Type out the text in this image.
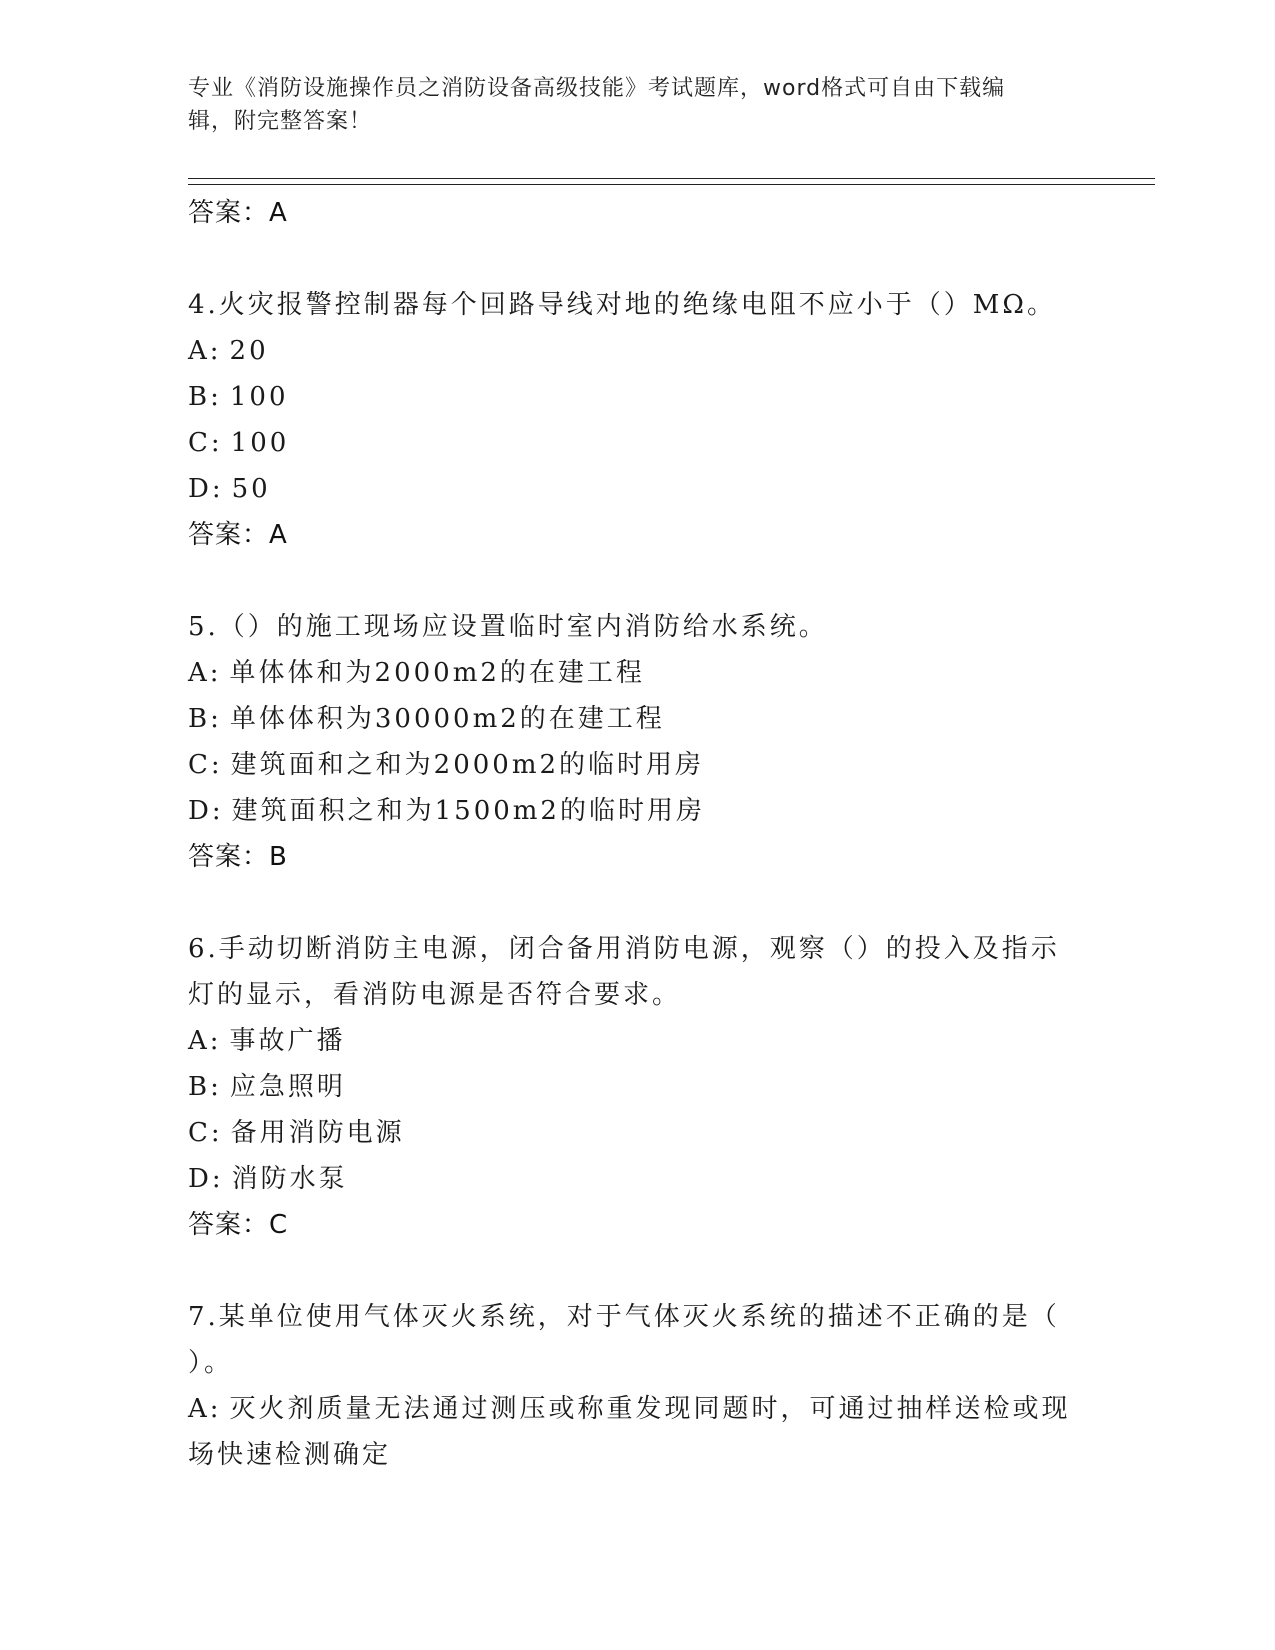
专业《消防设施操作员之消防设备高级技能》考试题库，word格式可自由下载编
辑，附完整答案！
答案：A
4.火灾报警控制器每个回路导线对地的绝缘电阻不应小于（）MΩ。
A: 20
B: 100
C: 100
D: 50
答案：A
5.（）的施工现场应设置临时室内消防给水系统。
A: 单体体和为2000m2的在建工程
B: 单体体积为30000m2的在建工程
C: 建筑面和之和为2000m2的临时用房
D: 建筑面积之和为1500m2的临时用房
答案：B
6.手动切断消防主电源，闭合备用消防电源，观察（）的投入及指示
灯的显示，看消防电源是否符合要求。
A: 事故广播
B: 应急照明
C: 备用消防电源
D: 消防水泵
答案：C
7.某单位使用气体灭火系统，对于气体灭火系统的描述不正确的是（
）。
A: 灭火剂质量无法通过测压或称重发现同题时，可通过抽样送检或现
场快速检测确定
